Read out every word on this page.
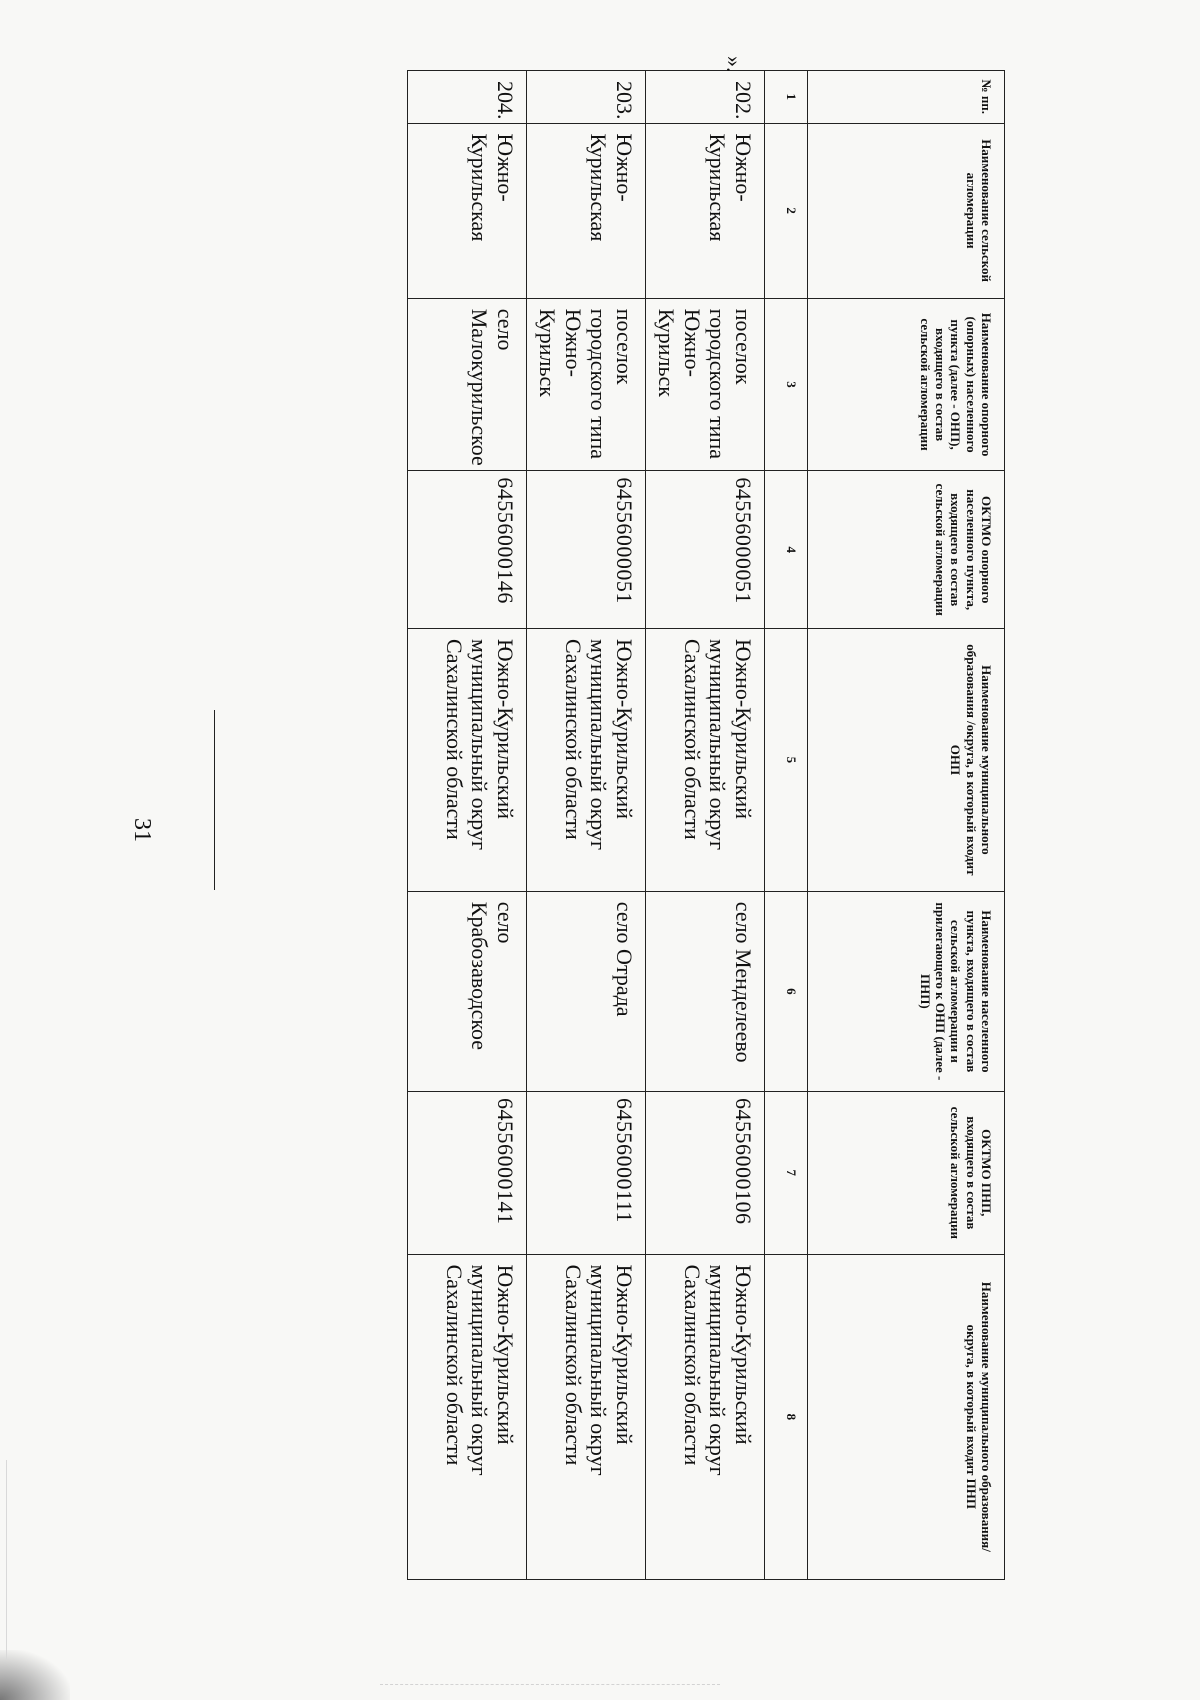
№ пп.	Наименование сельской агломерации	Наименование опорного (опорных) населенного пункта (далее - ОНП), входящего в состав сельской агломерации	ОКТМО опорного населенного пункта, входящего в состав сельской агломерации	Наименование муниципального образования /округа, в который входит ОНП	Наименование населенного пункта, входящего в состав сельской агломерации и прилегающего к ОНП (далее - ПНП)	ОКТМО ПНП, входящего в состав сельской агломерации	Наименование муниципального образования/округа, в который входит ПНП
1	2	3	4	5	6	7	8
202.	Южно-Курильская	поселок городского типа Южно-Курильск	64556000051	Южно-Курильский муниципальный округ Сахалинской области	село Менделеево	64556000106	Южно-Курильский муниципальный округ Сахалинской области
203.	Южно-Курильская	поселок городского типа Южно-Курильск	64556000051	Южно-Курильский муниципальный округ Сахалинской области	село Отрада	64556000111	Южно-Курильский муниципальный округ Сахалинской области
204.	Южно-Курильская	село Малокурильское	64556000146	Южно-Курильский муниципальный округ Сахалинской области	село Крабозаводское	64556000141	Южно-Курильский муниципальный округ Сахалинской области
».
31
